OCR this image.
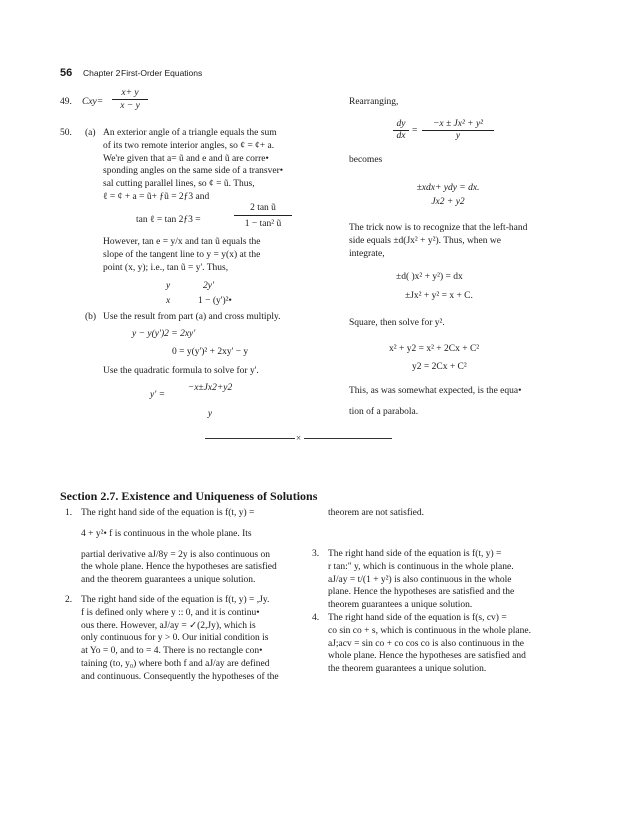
56 Chapter 2 First-Order Equations
49. Cxy=
x+ y
x − y
50. (a) An exterior angle of a triangle equals the sum
of its two remote interior angles, so ¢ = ¢+ a.
We're given that a= ũ and e and ũ are corre•
sponding angles on the same side of a transver•
sal cutting parallel lines, so ¢ = ũ. Thus,
ℓ = ¢ + a = ũ+ ƒũ = 2ƒ3 and
tan ℓ = tan 2ƒ3 =
2 tan ũ
1 − tan² ũ
However, tan e = y/x and tan ũ equals the
slope of the tangent line to y = y(x) at the
point (x, y); i.e., tan ũ = y'. Thus,
y	2y'
x	1 − (y')²•
(b) Use the result from part (a) and cross multiply.
y − y(y')2 = 2xy'
0 = y(y')² + 2xy' − y
Use the quadratic formula to solve for y'.
y' =
−x±Jx2+y2
y
Rearranging,
dy
dx =
−x ± Jx² + y²
y
becomes
±xdx+ ydy = dx.
Jx2 + y2
The trick now is to recognize that the left-hand
side equals ±d(Jx² + y²). Thus, when we
integrate,
±d( )x² + y²) = dx
±Jx² + y² = x + C.
Square, then solve for y².
x² + y2 = x² + 2Cx + C²
y2 = 2Cx + C²
This, as was somewhat expected, is the equa•
tion of a parabola.
×
Section 2.7. Existence and Uniqueness of Solutions
1. The right hand side of the equation is f(t, y) =
4 + y²• f is continuous in the whole plane. Its
partial derivative aJ/8y = 2y is also continuous on
the whole plane. Hence the hypotheses are satisfied
and the theorem guarantees a unique solution.
2. The right hand side of the equation is f(t, y) = ,Jy.
f is defined only where y :: 0, and it is continu•
ous there. However, aJ/ay = ✓(2,Jy), which is
only continuous for y > 0. Our initial condition is
at Yo = 0, and to = 4. There is no rectangle con•
taining (to, y₀) where both f and aJ/ay are defined
and continuous. Consequently the hypotheses of the
theorem are not satisfied.
3. The right hand side of the equation is f(t, y) =
r tan:" y, which is continuous in the whole plane.
aJ/ay = t/(1 + y²) is also continuous in the whole
plane. Hence the hypotheses are satisfied and the
theorem guarantees a unique solution.
4. The right hand side of the equation is f(s, cv) =
co sin co + s, which is continuous in the whole plane.
aJ;acv = sin co + co cos co is also continuous in the
whole plane. Hence the hypotheses are satisfied and
the theorem guarantees a unique solution.
